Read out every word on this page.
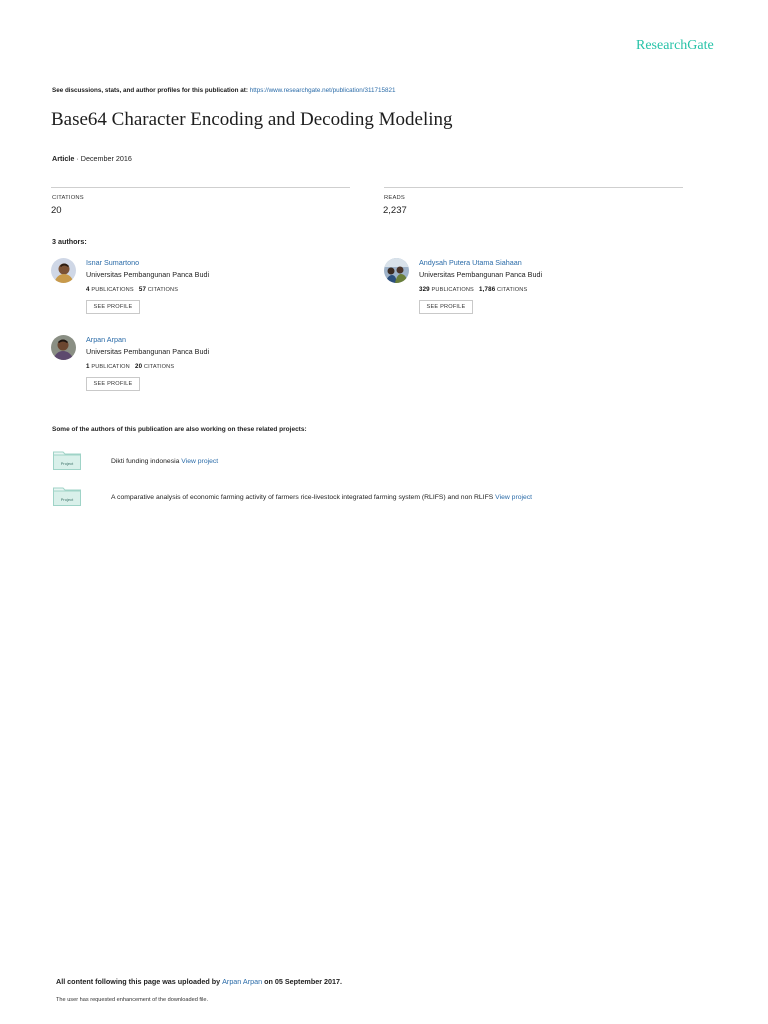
ResearchGate
See discussions, stats, and author profiles for this publication at: https://www.researchgate.net/publication/311715821
Base64 Character Encoding and Decoding Modeling
Article · December 2016
CITATIONS
20
READS
2,237
3 authors:
Isnar Sumartono
Universitas Pembangunan Panca Budi
4 PUBLICATIONS 57 CITATIONS
SEE PROFILE
Andysah Putera Utama Siahaan
Universitas Pembangunan Panca Budi
329 PUBLICATIONS 1,786 CITATIONS
SEE PROFILE
Arpan Arpan
Universitas Pembangunan Panca Budi
1 PUBLICATION 20 CITATIONS
SEE PROFILE
Some of the authors of this publication are also working on these related projects:
Project	Dikti funding indonesia View project
Project	A comparative analysis of economic farming activity of farmers rice-livestock integrated farming system (RLIFS) and non RLIFS View project
All content following this page was uploaded by Arpan Arpan on 05 September 2017.
The user has requested enhancement of the downloaded file.
